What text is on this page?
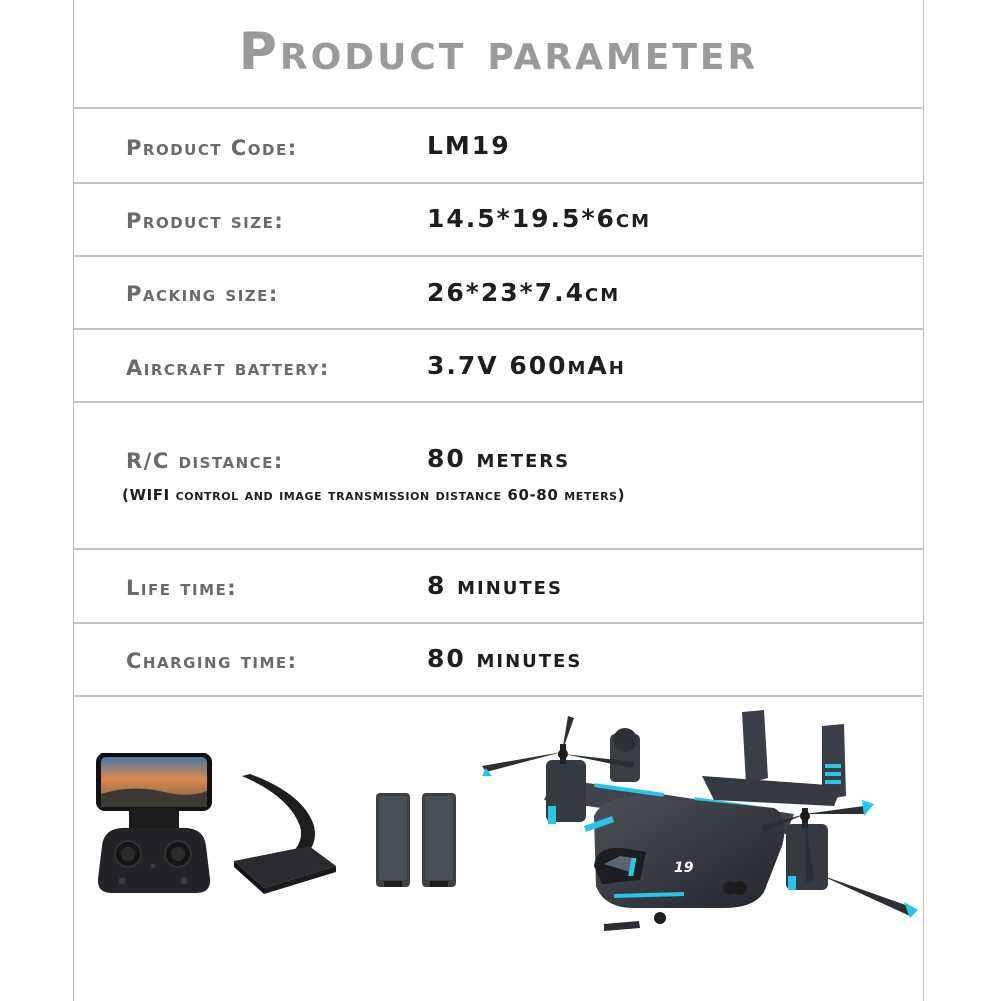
Product parameter
Product Code:	LM19
Product size:	14.5*19.5*6cm
Packing size:	26*23*7.4cm
Aircraft battery:	3.7V 600mAh
R/C distance:	80 meters
(WIFI control and image transmission distance 60-80 meters)
Life time:	8 minutes
Charging time:	80 minutes
19
